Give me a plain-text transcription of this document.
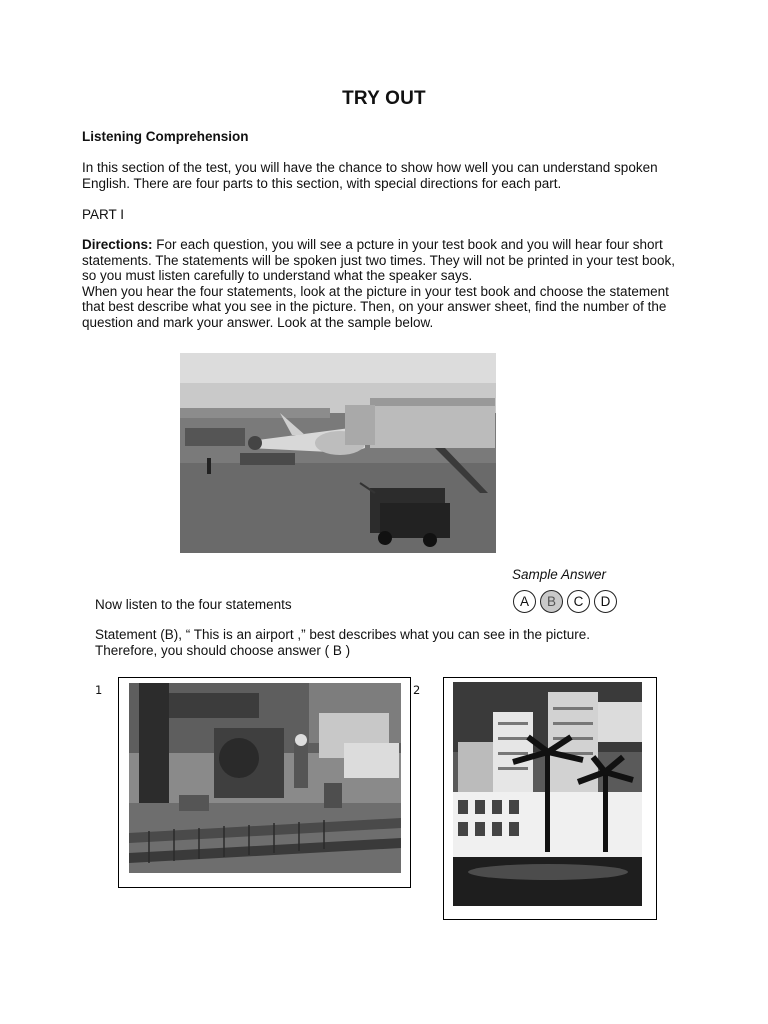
TRY OUT
Listening Comprehension
In this section of the test, you will have the chance to show how well you can understand spoken
English. There are four parts to this section, with special directions for each part.
PART I
Directions: For each question, you will see a pcture in your test book and you will hear four short
statements. The statements will be spoken just two times. They will not be printed in your test book,
so you must listen carefully to understand what the speaker says.
When you hear the four statements, look at the picture in your test book and choose the statement
that best describe what you see in the picture. Then, on your answer sheet, find the number of the
question and mark your answer. Look at the sample below.
Sample Answer
Now listen to the four statements	A	B	C	D
Statement (B), “ This is an airport ,” best describes what you can see in the picture.
Therefore, you should choose answer ( B )
1	2
